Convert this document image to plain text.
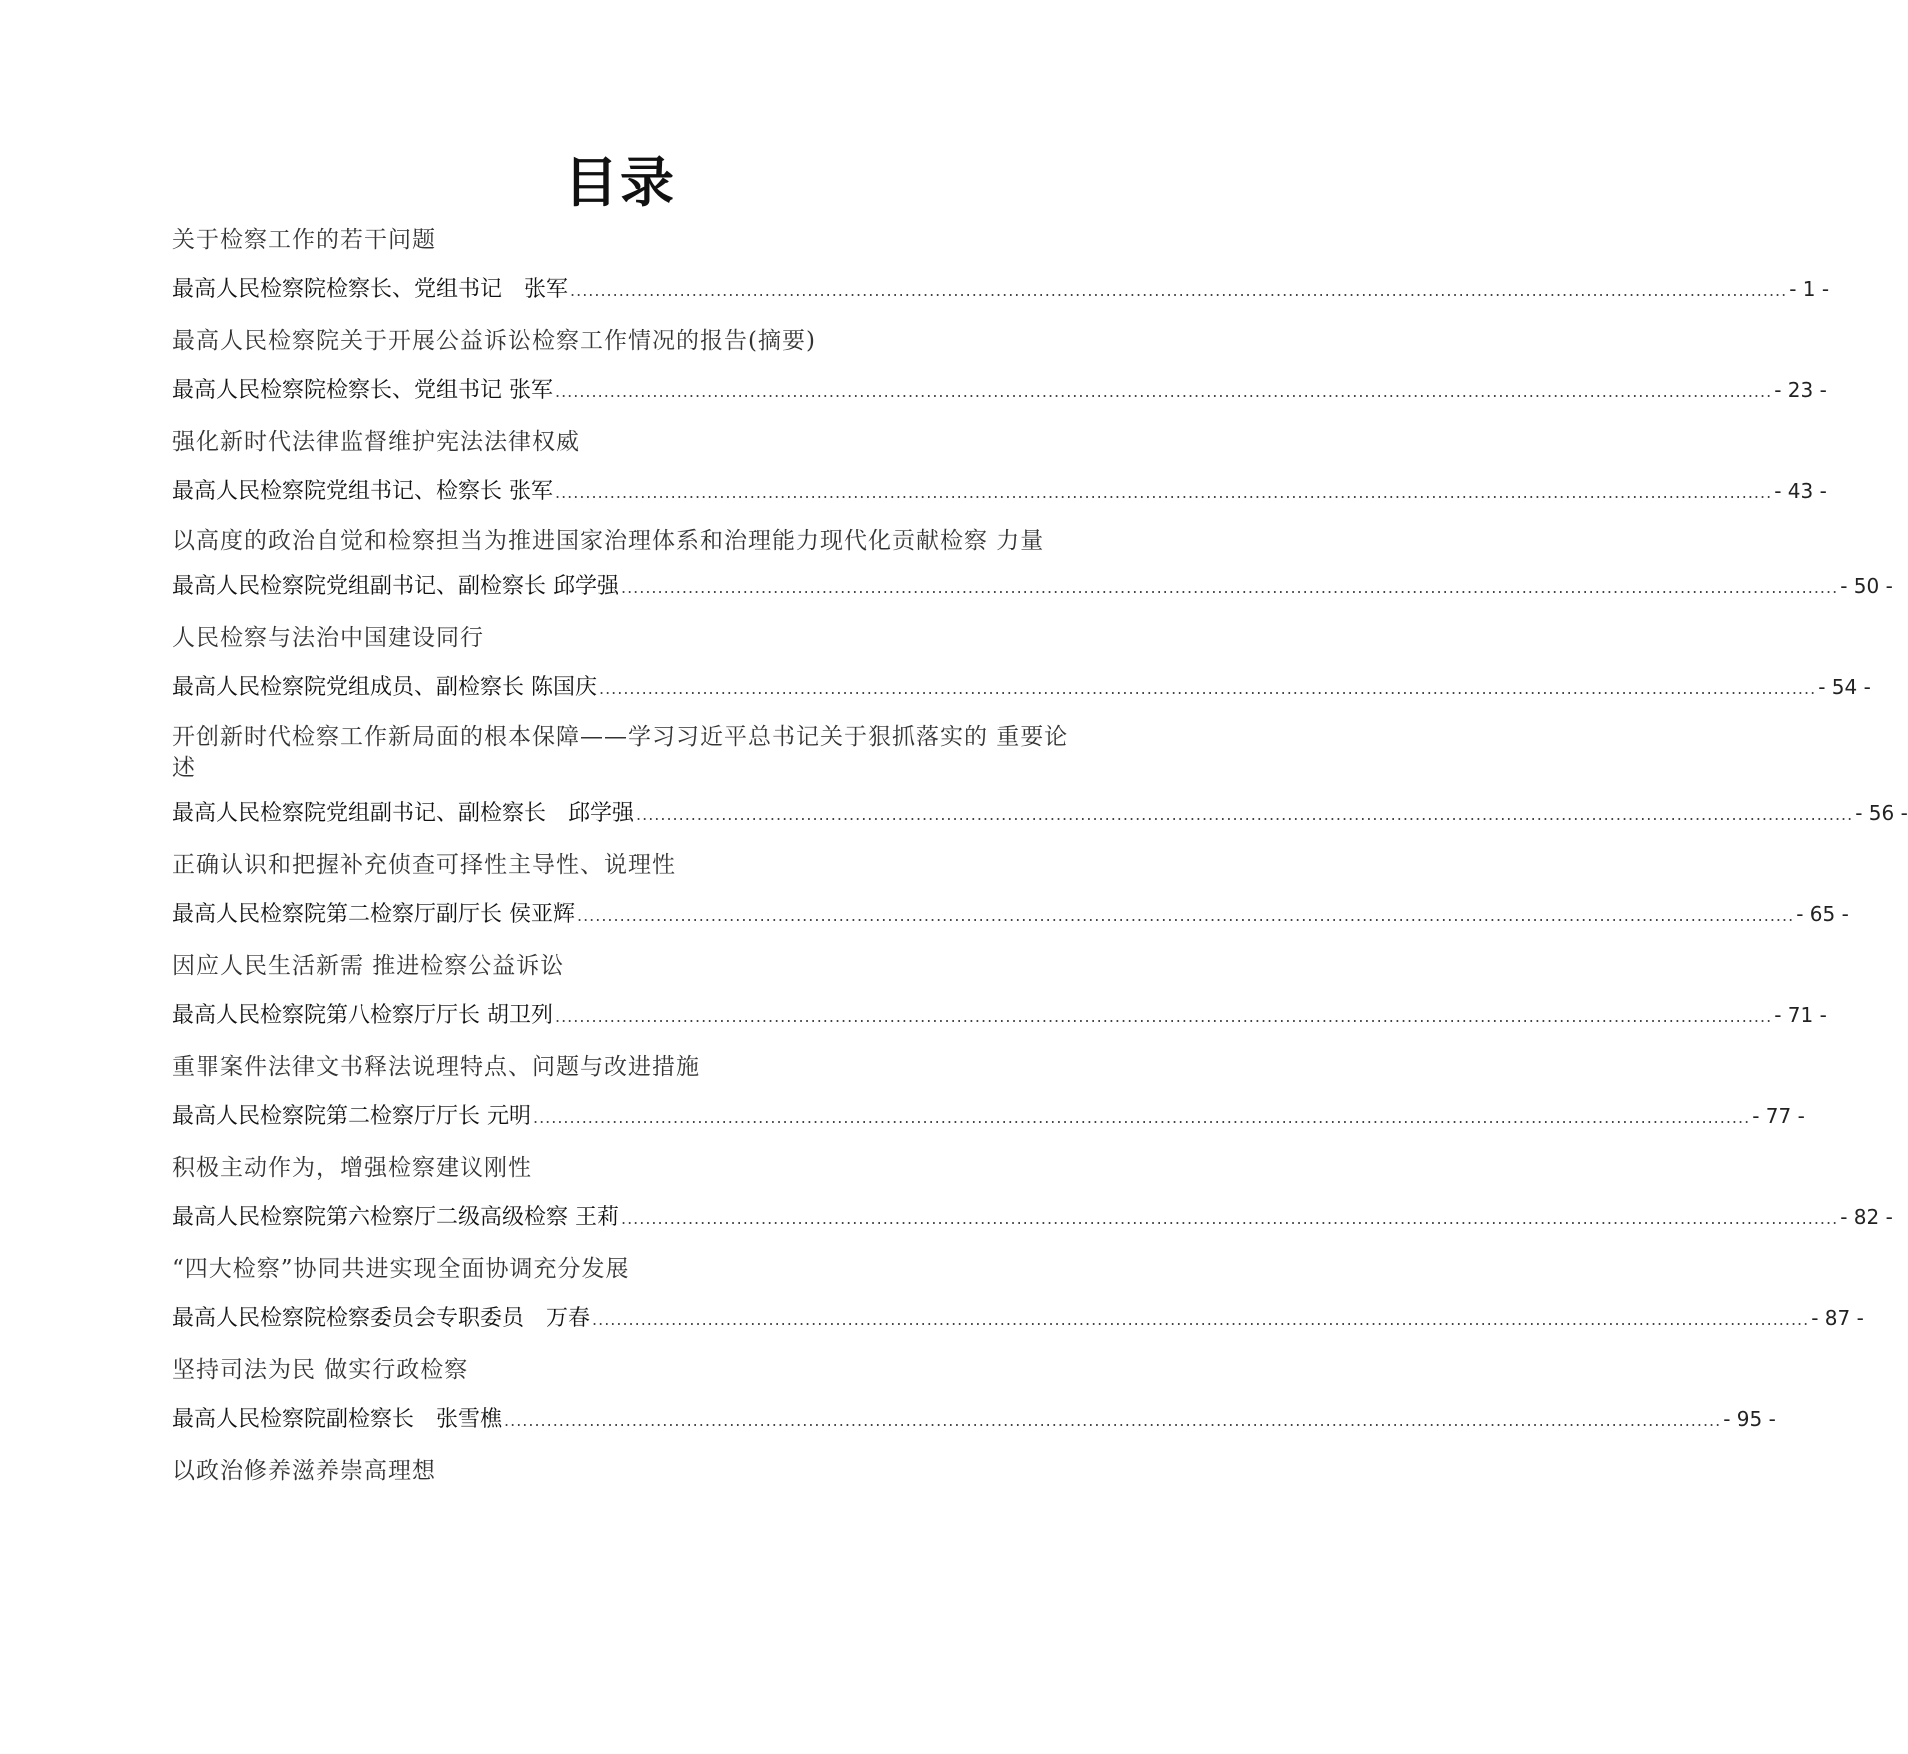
目录
关于检察工作的若干问题
最高人民检察院检察长、党组书记　张军 ........................................................................................................................................................................................................ - 1 -
最高人民检察院关于开展公益诉讼检察工作情况的报告(摘要)
最高人民检察院检察长、党组书记 张军 ........................................................................................................................................................................................................ - 23 -
强化新时代法律监督维护宪法法律权威
最高人民检察院党组书记、检察长 张军 ........................................................................................................................................................................................................ - 43 -
以高度的政治自觉和检察担当为推进国家治理体系和治理能力现代化贡献检察 力量
最高人民检察院党组副书记、副检察长 邱学强 ........................................................................................................................................................................................................ - 50 -
人民检察与法治中国建设同行
最高人民检察院党组成员、副检察长 陈国庆 ........................................................................................................................................................................................................ - 54 -
开创新时代检察工作新局面的根本保障——学习习近平总书记关于狠抓落实的 重要论述
最高人民检察院党组副书记、副检察长　邱学强 ........................................................................................................................................................................................................ - 56 -
正确认识和把握补充侦查可择性主导性、说理性
最高人民检察院第二检察厅副厅长 侯亚辉 ........................................................................................................................................................................................................ - 65 -
因应人民生活新需 推进检察公益诉讼
最高人民检察院第八检察厅厅长 胡卫列 ........................................................................................................................................................................................................ - 71 -
重罪案件法律文书释法说理特点、问题与改进措施
最高人民检察院第二检察厅厅长 元明 ........................................................................................................................................................................................................ - 77 -
积极主动作为，增强检察建议刚性
最高人民检察院第六检察厅二级高级检察 王莉 ........................................................................................................................................................................................................ - 82 -
“四大检察”协同共进实现全面协调充分发展
最高人民检察院检察委员会专职委员　万春 ........................................................................................................................................................................................................ - 87 -
坚持司法为民 做实行政检察
最高人民检察院副检察长　张雪樵 ........................................................................................................................................................................................................ - 95 -
以政治修养滋养崇高理想
